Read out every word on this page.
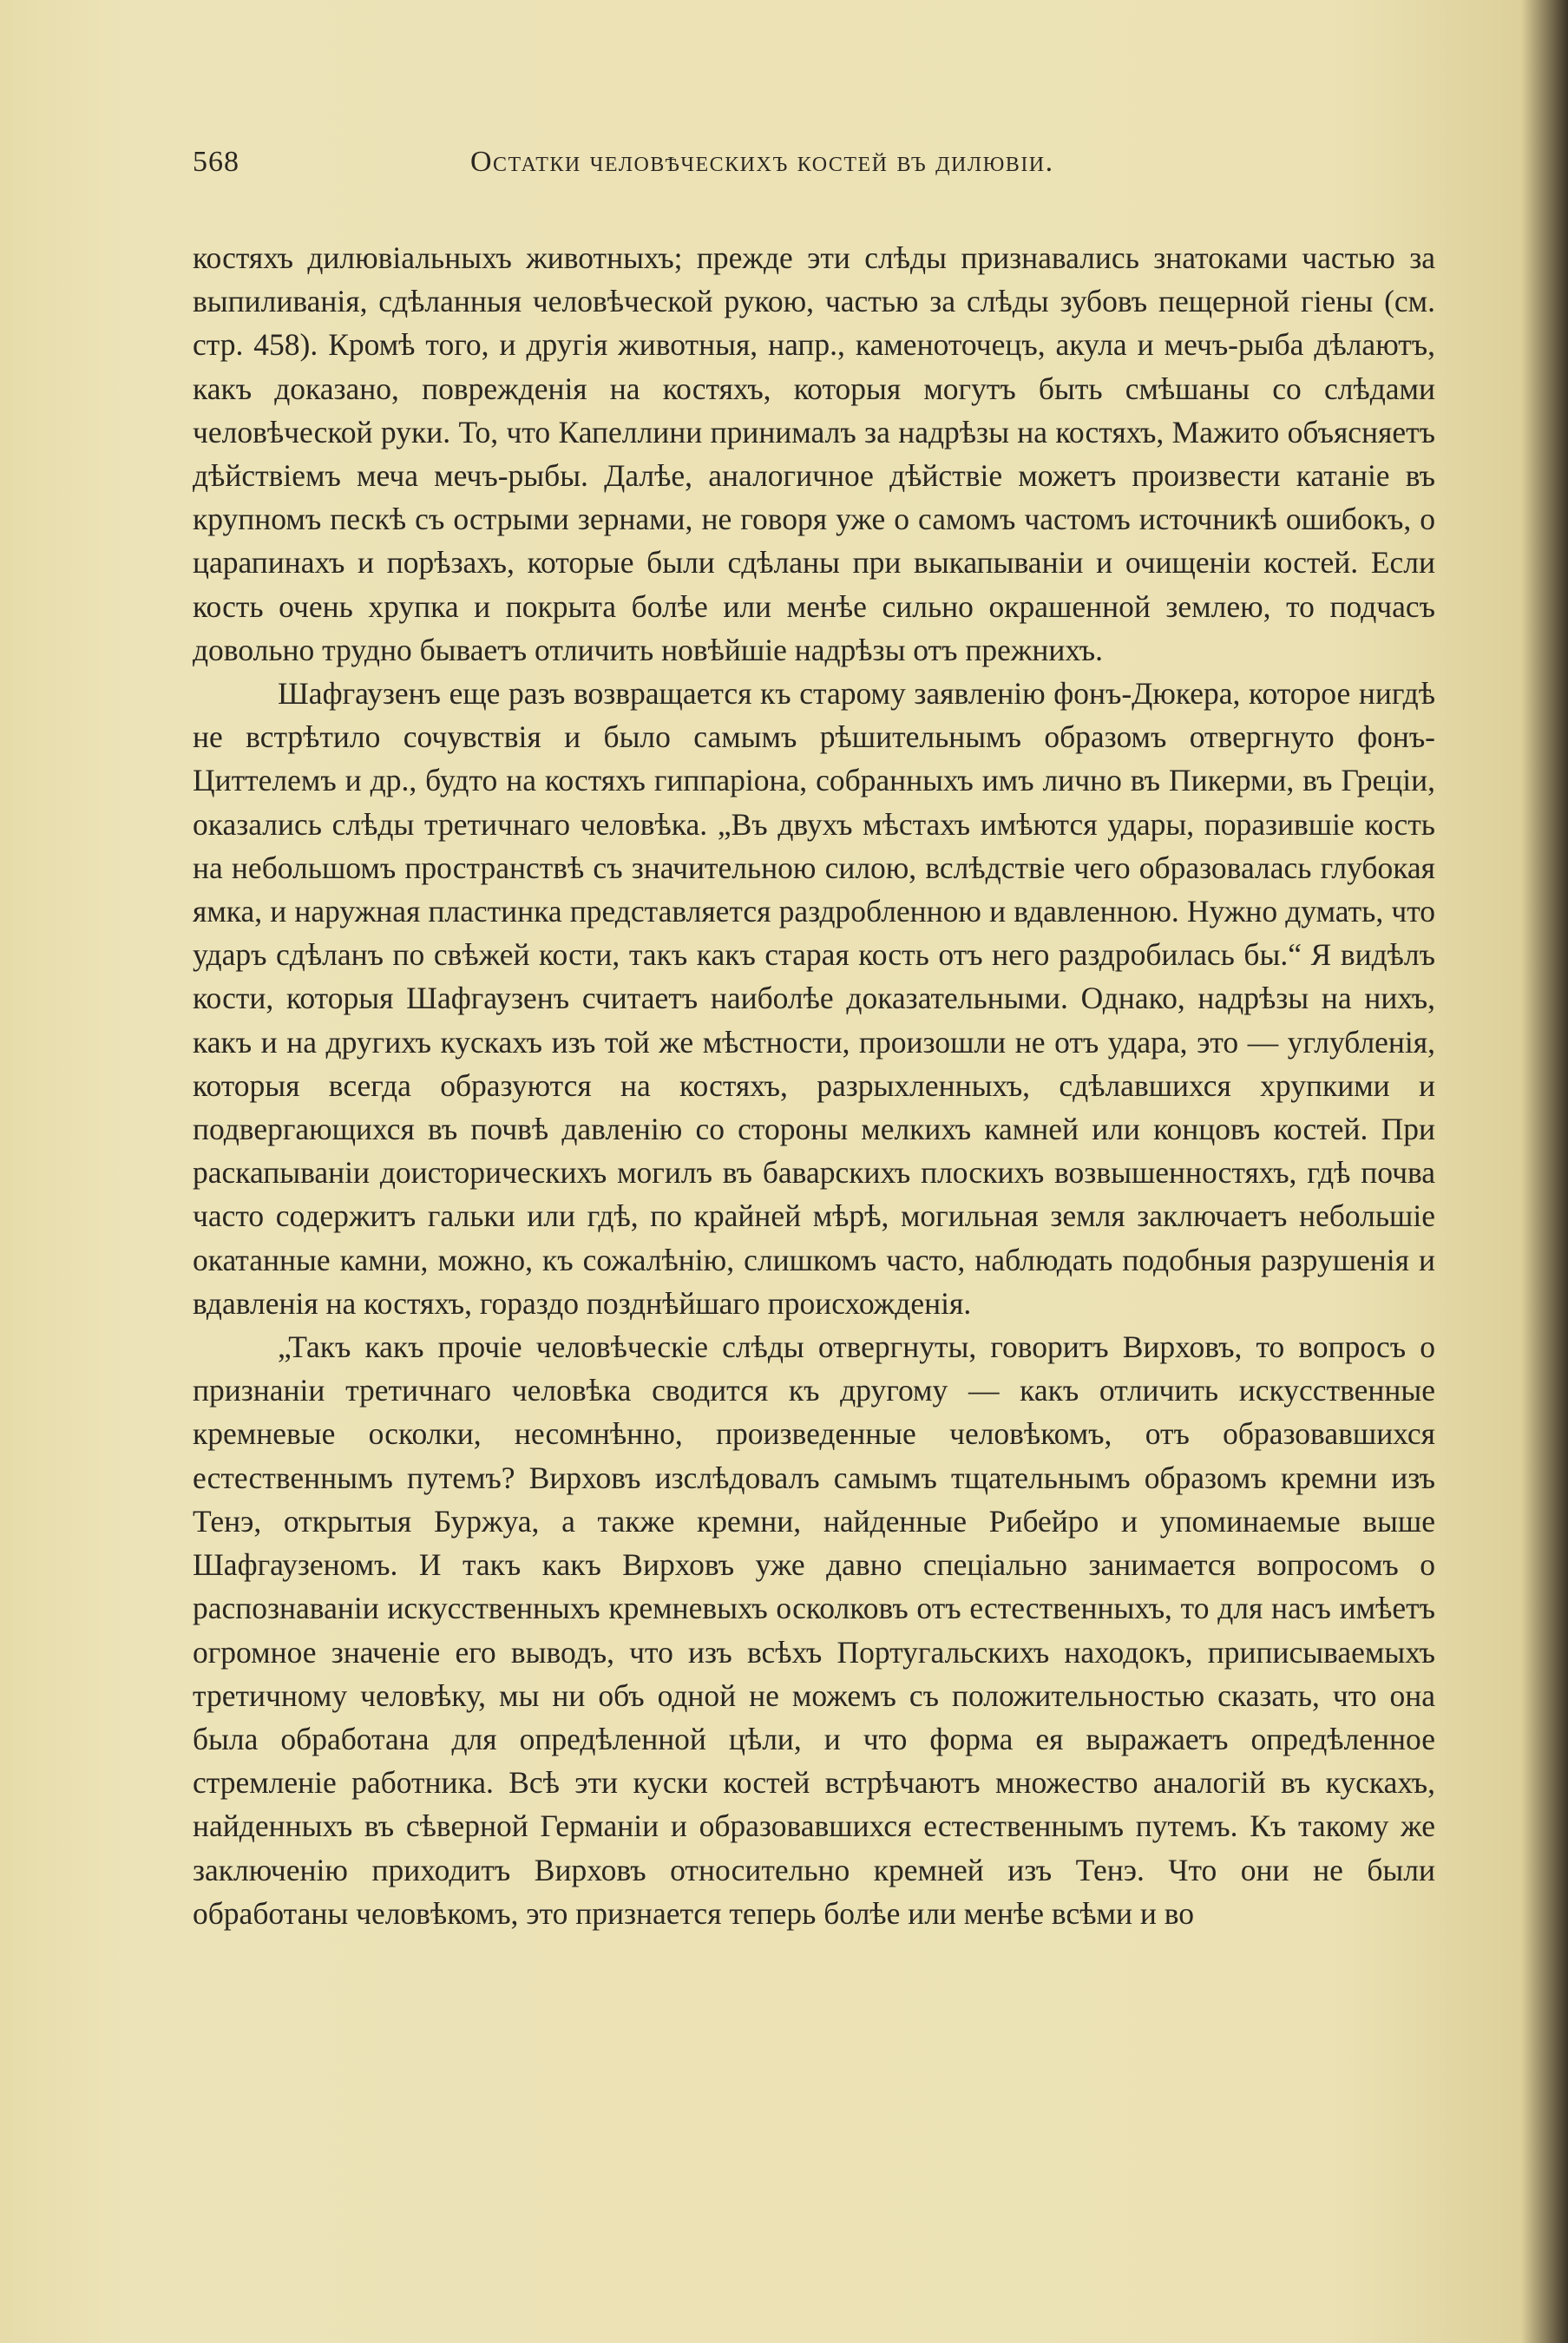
568	Остатки человѣческихъ костей въ дилювіи.

костяхъ дилювіальныхъ животныхъ; прежде эти слѣды признавались знатоками частью за выпиливанія, сдѣланныя человѣческой рукою, частью за слѣды зубовъ пещерной гіены (см. стр. 458). Кромѣ того, и другія животныя, напр., каменоточецъ, акула и мечъ-рыба дѣлаютъ, какъ доказано, поврежденія на костяхъ, которыя могутъ быть смѣшаны со слѣдами человѣческой руки. То, что Капеллини принималъ за надрѣзы на костяхъ, Мажито объясняетъ дѣйствіемъ меча мечъ-рыбы. Далѣе, аналогичное дѣйствіе можетъ произвести катаніе въ крупномъ пескѣ съ острыми зернами, не говоря уже о самомъ частомъ источникѣ ошибокъ, о царапинахъ и порѣзахъ, которые были сдѣланы при выкапываніи и очищеніи костей. Если кость очень хрупка и покрыта болѣе или менѣе сильно окрашенной землею, то подчасъ довольно трудно бываетъ отличить новѣйшіе надрѣзы отъ прежнихъ.

Шафгаузенъ еще разъ возвращается къ старому заявленію фонъ-Дюкера, которое нигдѣ не встрѣтило сочувствія и было самымъ рѣшительнымъ образомъ отвергнуто фонъ-Циттелемъ и др., будто на костяхъ гиппаріона, собранныхъ имъ лично въ Пикерми, въ Греціи, оказались слѣды третичнаго человѣка. „Въ двухъ мѣстахъ имѣются удары, поразившіе кость на небольшомъ пространствѣ съ значительною силою, вслѣдствіе чего образовалась глубокая ямка, и наружная пластинка представляется раздробленною и вдавленною. Нужно думать, что ударъ сдѣланъ по свѣжей кости, такъ какъ старая кость отъ него раздробилась бы.“ Я видѣлъ кости, которыя Шафгаузенъ считаетъ наиболѣе доказательными. Однако, надрѣзы на нихъ, какъ и на другихъ кускахъ изъ той же мѣстности, произошли не отъ удара, это — углубленія, которыя всегда образуются на костяхъ, разрыхленныхъ, сдѣлавшихся хрупкими и подвергающихся въ почвѣ давленію со стороны мелкихъ камней или концовъ костей. При раскапываніи доисторическихъ могилъ въ баварскихъ плоскихъ возвышенностяхъ, гдѣ почва часто содержитъ гальки или гдѣ, по крайней мѣрѣ, могильная земля заключаетъ небольшіе окатанные камни, можно, къ сожалѣнію, слишкомъ часто, наблюдать подобныя разрушенія и вдавленія на костяхъ, гораздо позднѣйшаго происхожденія.

„Такъ какъ прочіе человѣческіе слѣды отвергнуты, говоритъ Вирховъ, то вопросъ о признаніи третичнаго человѣка сводится къ другому — какъ отличить искусственные кремневые осколки, несомнѣнно, произведенные человѣкомъ, отъ образовавшихся естественнымъ путемъ? Вирховъ изслѣдовалъ самымъ тщательнымъ образомъ кремни изъ Тенэ, открытыя Буржуа, а также кремни, найденные Рибейро и упоминаемые выше Шафгаузеномъ. И такъ какъ Вирховъ уже давно спеціально занимается вопросомъ о распознаваніи искусственныхъ кремневыхъ осколковъ отъ естественныхъ, то для насъ имѣетъ огромное значеніе его выводъ, что изъ всѣхъ Португальскихъ находокъ, приписываемыхъ третичному человѣку, мы ни объ одной не можемъ съ положительностью сказать, что она была обработана для опредѣленной цѣли, и что форма ея выражаетъ опредѣленное стремленіе работника. Всѣ эти куски костей встрѣчаютъ множество аналогій въ кускахъ, найденныхъ въ сѣверной Германіи и образовавшихся естественнымъ путемъ. Къ такому же заключенію приходитъ Вирховъ относительно кремней изъ Тенэ. Что они не были обработаны человѣкомъ, это признается теперь болѣе или менѣе всѣми и во
